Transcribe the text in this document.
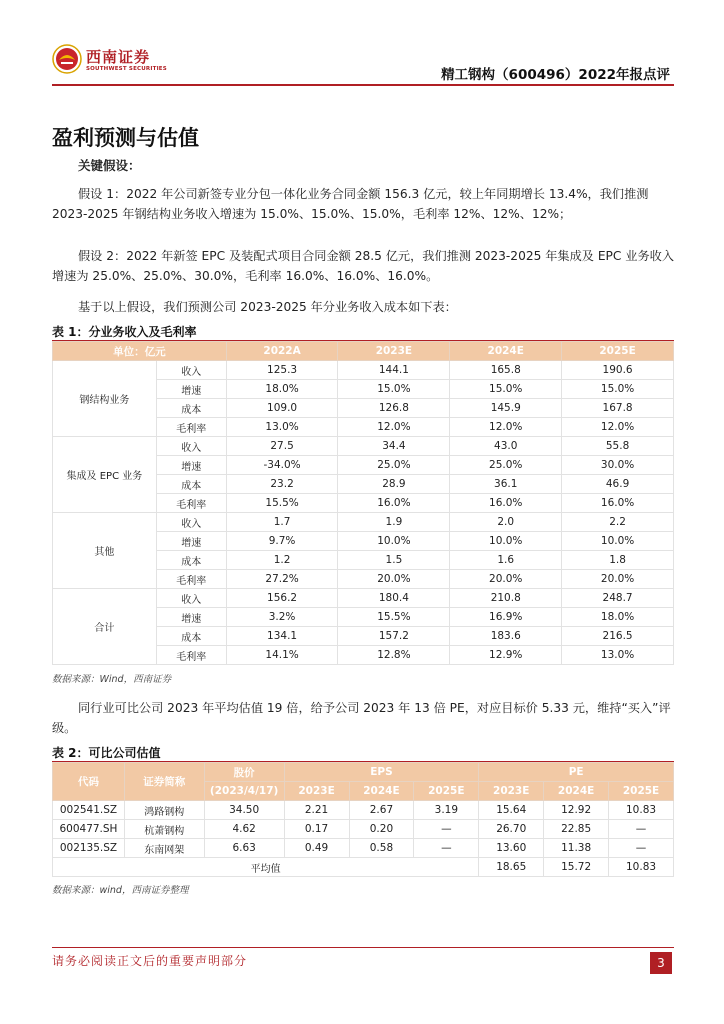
西南证券
SOUTHWEST SECURITIES	精工钢构（600496）2022年报点评
盈利预测与估值
关键假设：
假设 1：2022 年公司新签专业分包一体化业务合同金额 156.3 亿元，较上年同期增长 13.4%，我们推测 2023-2025 年钢结构业务收入增速为 15.0%、15.0%、15.0%，毛利率 12%、12%、12%；
假设 2：2022 年新签 EPC 及装配式项目合同金额 28.5 亿元，我们推测 2023-2025 年集成及 EPC 业务收入增速为 25.0%、25.0%、30.0%，毛利率 16.0%、16.0%、16.0%。
基于以上假设，我们预测公司 2023-2025 年分业务收入成本如下表：
表 1：分业务收入及毛利率
单位：亿元		2022A	2023E	2024E	2025E
钢结构业务	收入	125.3	144.1	165.8	190.6
	增速	18.0%	15.0%	15.0%	15.0%
	成本	109.0	126.8	145.9	167.8
	毛利率	13.0%	12.0%	12.0%	12.0%
集成及 EPC 业务	收入	27.5	34.4	43.0	55.8
	增速	-34.0%	25.0%	25.0%	30.0%
	成本	23.2	28.9	36.1	46.9
	毛利率	15.5%	16.0%	16.0%	16.0%
其他	收入	1.7	1.9	2.0	2.2
	增速	9.7%	10.0%	10.0%	10.0%
	成本	1.2	1.5	1.6	1.8
	毛利率	27.2%	20.0%	20.0%	20.0%
合计	收入	156.2	180.4	210.8	248.7
	增速	3.2%	15.5%	16.9%	18.0%
	成本	134.1	157.2	183.6	216.5
	毛利率	14.1%	12.8%	12.9%	13.0%
数据来源：Wind，西南证券
同行业可比公司 2023 年平均估值 19 倍，给予公司 2023 年 13 倍 PE，对应目标价 5.33 元，维持“买入”评级。
表 2：可比公司估值
代码	证券简称	股价	EPS			PE		
		(2023/4/17)	2023E	2024E	2025E	2023E	2024E	2025E
002541.SZ	鸿路钢构	34.50	2.21	2.67	3.19	15.64	12.92	10.83
600477.SH	杭萧钢构	4.62	0.17	0.20	—	26.70	22.85	—
002135.SZ	东南网架	6.63	0.49	0.58	—	13.60	11.38	—
平均值						18.65	15.72	10.83
数据来源：wind，西南证券整理
请务必阅读正文后的重要声明部分	3
